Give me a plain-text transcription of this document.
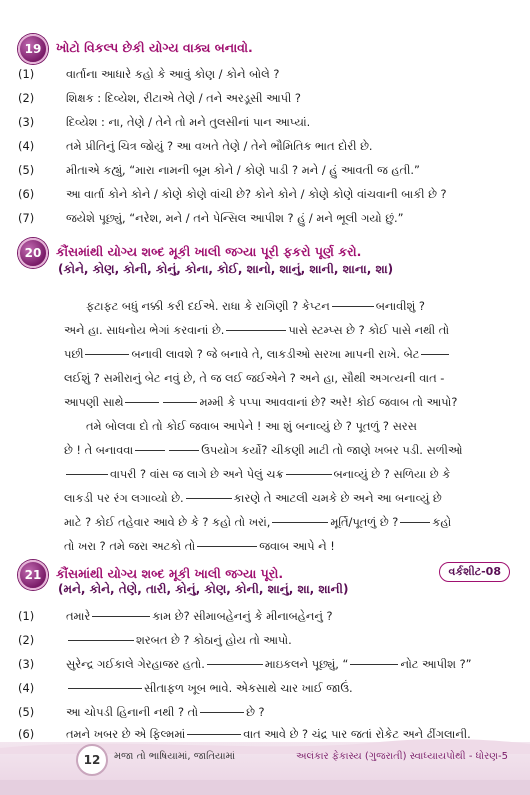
19	ખોટો વિકલ્પ છેકી યોગ્ય વાક્ય બનાવો.
(1)	વાર્તાના આધારે કહો કે આવું કોણ / કોને બોલે ?
(2)	શિક્ષક : દિવ્યેશ, રીટાએ તેણે / તને અરડૂસી આપી ?
(3)	દિવ્યેશ : ના, તેણે / તેને તો મને તુલસીનાં પાન આપ્યાં.
(4)	તમે પ્રીતિનું ચિત્ર જોયું ? આ વખતે તેણે / તેને ભૌમિતિક ભાત દોરી છે.
(5)	મીતાએ કહ્યું, “મારા નામની બૂમ કોને / કોણે પાડી ? મને / હું આવતી જ હતી.”
(6)	આ વાર્તા કોને કોને / કોણે કોણે વાંચી છે? કોને કોને / કોણે કોણે વાંચવાની બાકી છે ?
(7)	જયેશે પૂછ્યું, “નરેશ, મને / તને પેન્સિલ આપીશ ? હું / મને ભૂલી ગયો છું.”
20	કૌંસમાંથી યોગ્ય શબ્દ મૂકી ખાલી જગ્યા પૂરી ફકરો પૂર્ણ કરો.
(કોને, કોણ, કોની, કોનું, કોના, કોઈ, શાનો, શાનું, શાની, શાના, શા)
ફટાફટ બધું નક્કી કરી દઈએ. રાધા કે રાગિણી ? કેપ્ટન	બનાવીશું ?
અને હા. સાધનોય ભેગાં કરવાનાં છે.	પાસે સ્ટમ્પ્સ છે ? કોઈ પાસે નથી તો
પછી	બનાવી લાવશે ? જે બનાવે તે, લાકડીઓ સરખા માપની રાખે. બેટ
લઈશું ? સમીરાનું બેટ નવું છે, તે જ લઈ જઈએને ? અને હા, સૌથી અગત્યની વાત -
આપણી સાથે	મમ્મી કે પપ્પા આવવાનાં છે? અરે! કોઈ જવાબ તો આપો?
તમે બોલવા દો તો કોઈ જવાબ આપેને ! આ શું બનાવ્યું છે ? પૂતળું ? સરસ
છે ! તે બનાવવા	ઉપયોગ કર્યો? ચીકણી માટી તો જાણે ખબર પડી. સળીઓ
વાપરી ? વાંસ જ લાગે છે અને પેલું ચક્ર	બનાવ્યું છે ? સળિયા છે કે
લાકડી પર રંગ લગાવ્યો છે.	કારણે તે આટલી ચમકે છે અને આ બનાવ્યું છે
માટે ? કોઈ તહેવાર આવે છે કે ? કહો તો ખરાં,	મૂર્તિ/પૂતળું છે ?	કહો
તો ખરા ? તમે જરા અટકો તો	જવાબ આપે ને !
21	કૌંસમાંથી યોગ્ય શબ્દ મૂકી ખાલી જગ્યા પૂરો.	વર્કશીટ-08
(મને, કોને, તેણે, તારી, કોનું, કોણ, કોની, શાનું, શા, શાની)
(1)	તમારે	કામ છે? સીમાબહેનનું કે મીનાબહેનનું ?
(2)	શરબત છે ? કોઠાનું હોય તો આપો.
(3)	સુરેન્દ્ર ગઈકાલે ગેરહાજર હતો.	માઇકલને પૂછ્યું, “	નોટ આપીશ ?”
(4)	સીતાફળ ખૂબ ભાવે. એકસાથે ચાર ખાઈ જાઉં.
(5)	આ ચોપડી હિનાની નથી ? તો	છે ?
(6)	તમને ખબર છે એ ફિલ્મમાં	વાત આવે છે ? ચંદ્ર પાર જતાં રોકેટ અને ઢીંગલાની.
12	મજા તો ભાષિયામાં, જાતિયામાં	અલંકાર ફેકાસ્ય (ગુજરાતી) સ્વાધ્યાયપોથી - ધોરણ-5
